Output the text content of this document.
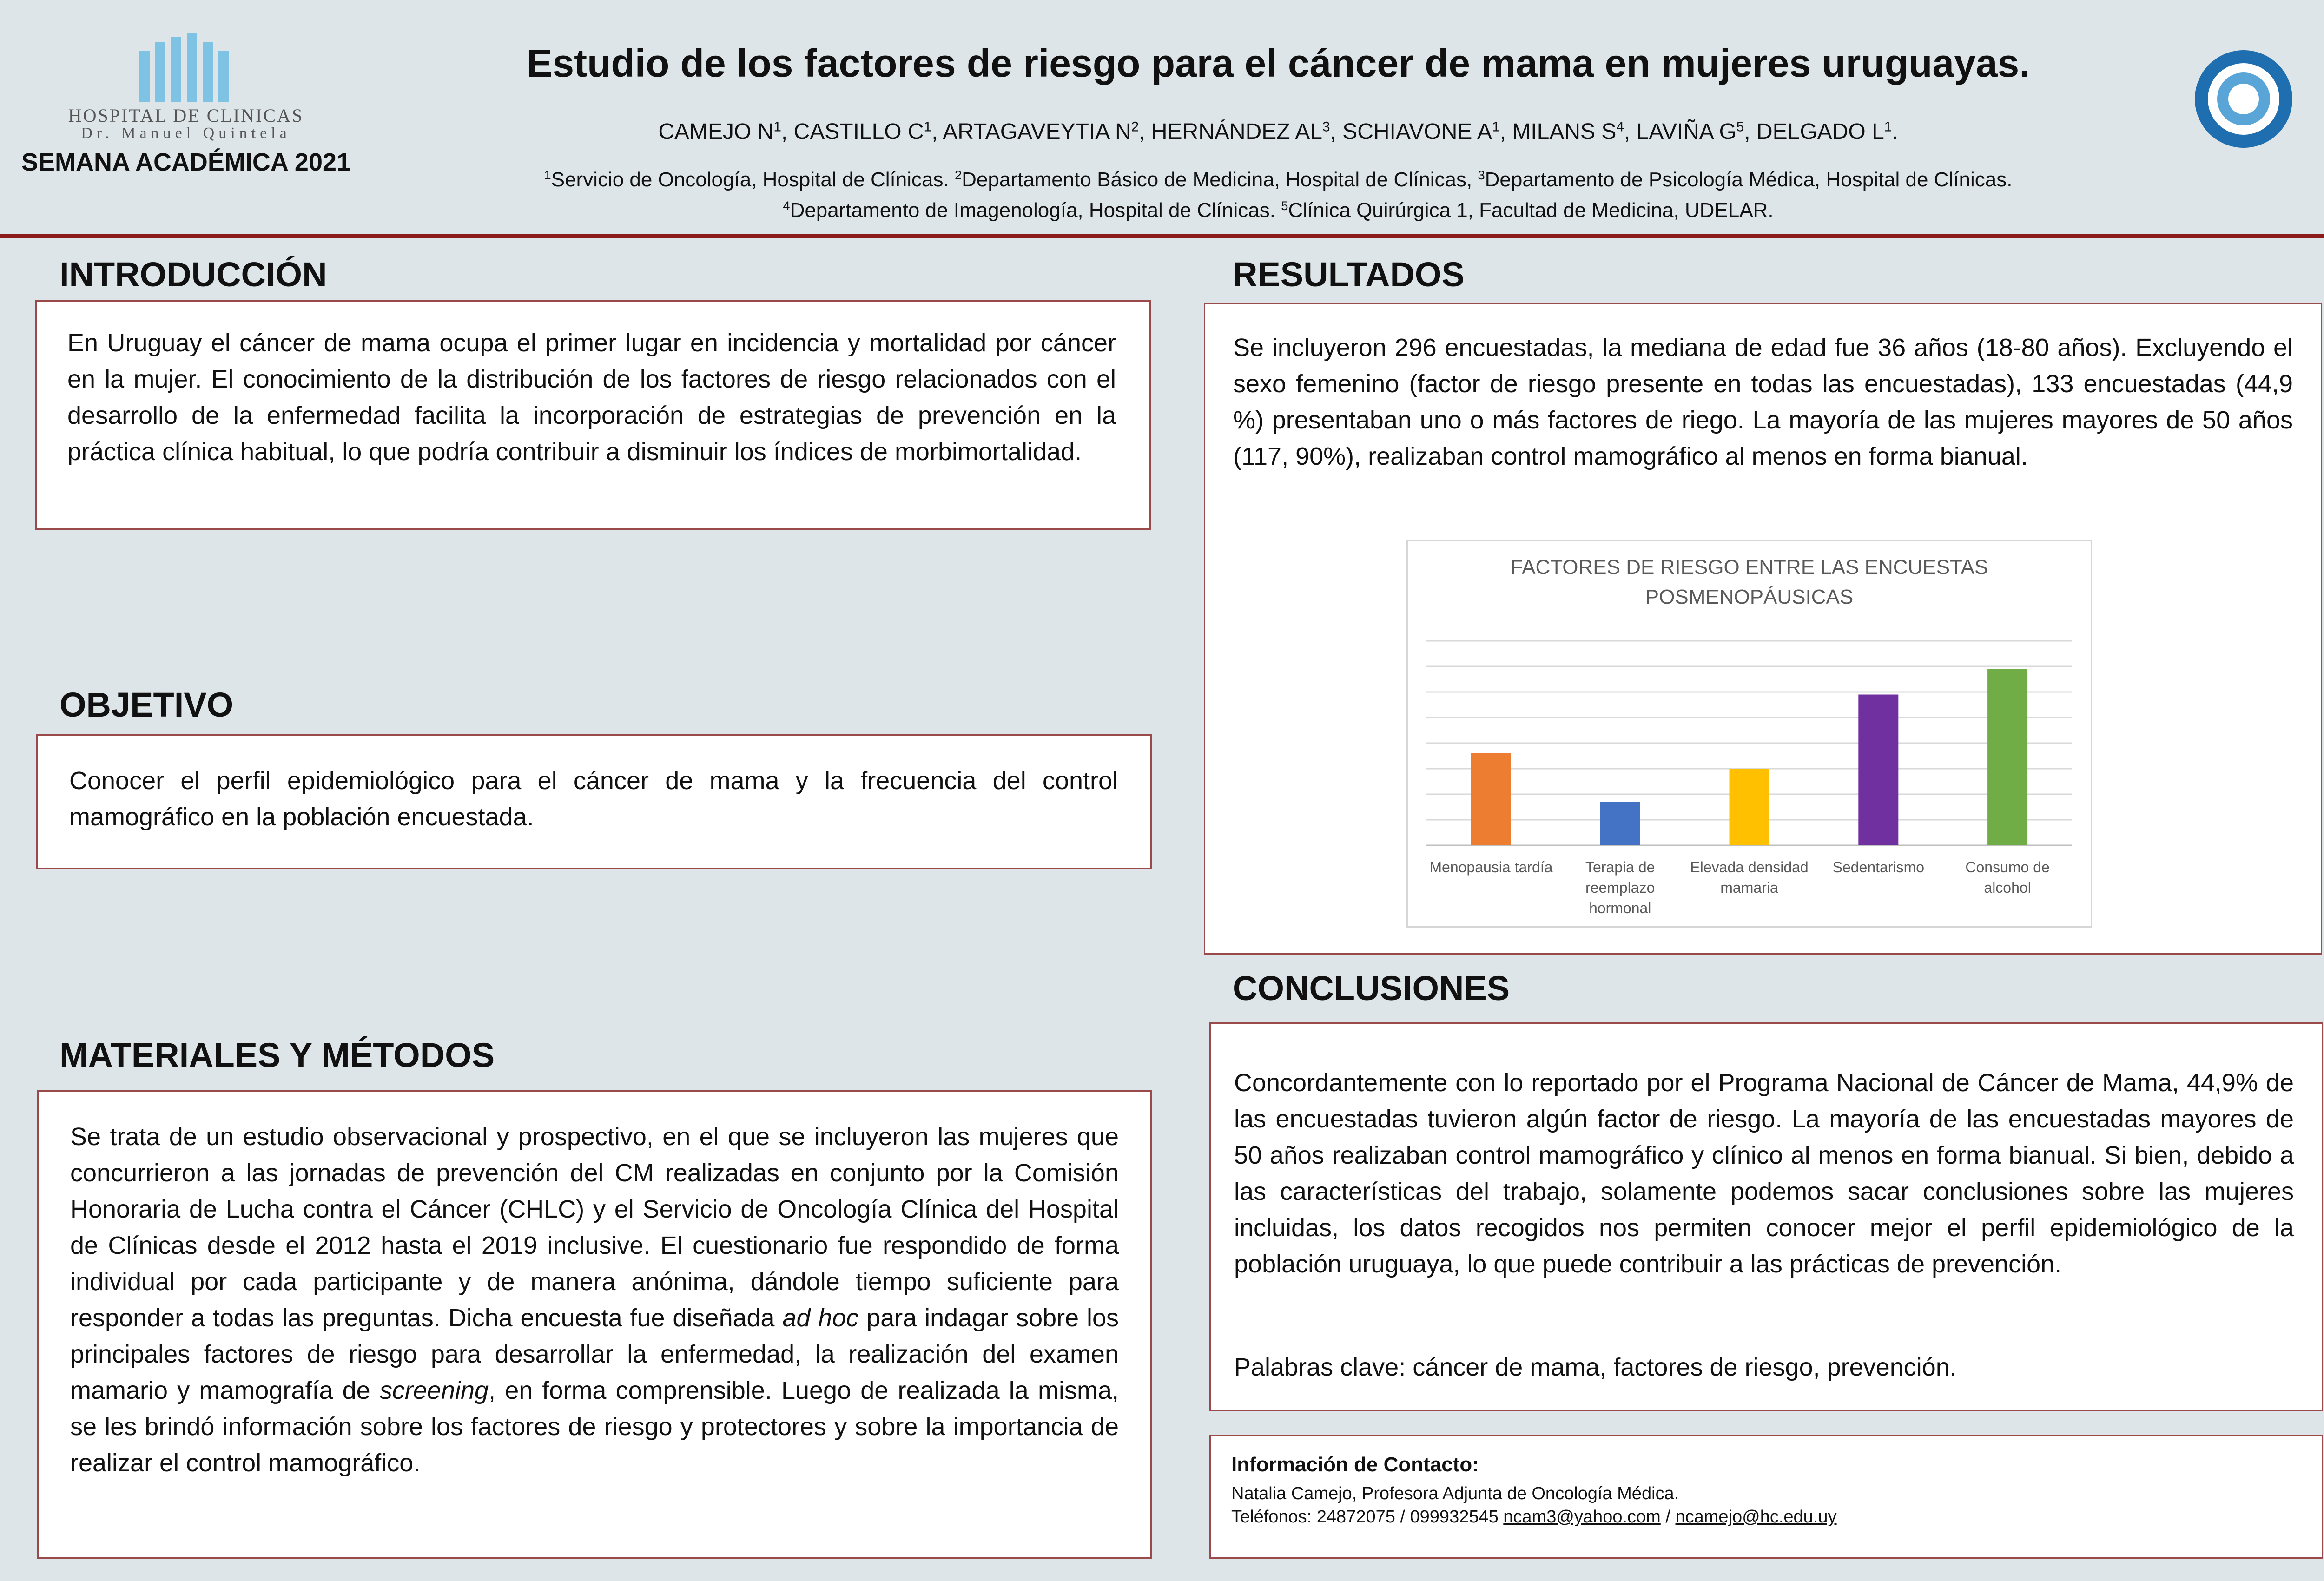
HOSPITAL DE CLINICAS
Dr. Manuel Quintela
SEMANA ACADÉMICA 2021
Estudio de los factores de riesgo para el cáncer de mama en mujeres uruguayas.
CAMEJO $N^1$, CASTILLO $C^1$, ARTAGAVEYTIA $N^2$, HERNÁNDEZ $AL^3$, SCHIAVONE $A^1$, MILANS $S^4$, LAVIÑA $G^5$, DELGADO $L^1$.
$^1$Servicio de Oncología, Hospital de Clínicas. $^2$Departamento Básico de Medicina, Hospital de Clínicas, $^3$Departamento de Psicología Médica, Hospital de Clínicas.
$^4$Departamento de Imagenología, Hospital de Clínicas. $^5$Clínica Quirúrgica 1, Facultad de Medicina, UDELAR.
INTRODUCCIÓN
En Uruguay el cáncer de mama ocupa el primer lugar en incidencia y mortalidad por cáncer en la mujer. El conocimiento de la distribución de los factores de riesgo relacionados con el desarrollo de la enfermedad facilita la incorporación de estrategias de prevención en la práctica clínica habitual, lo que podría contribuir a disminuir los índices de morbimortalidad.
OBJETIVO
Conocer el perfil epidemiológico para el cáncer de mama y la frecuencia del control mamográfico en la población encuestada.
MATERIALES Y MÉTODOS
Se trata de un estudio observacional y prospectivo, en el que se incluyeron las mujeres que concurrieron a las jornadas de prevención del CM realizadas en conjunto por la Comisión Honoraria de Lucha contra el Cáncer (CHLC) y el Servicio de Oncología Clínica del Hospital de Clínicas desde el 2012 hasta el 2019 inclusive. El cuestionario fue respondido de forma individual por cada participante y de manera anónima, dándole tiempo suficiente para responder a todas las preguntas. Dicha encuesta fue diseñada ad hoc para indagar sobre los principales factores de riesgo para desarrollar la enfermedad, la realización del examen mamario y mamografía de screening, en forma comprensible. Luego de realizada la misma, se les brindó información sobre los factores de riesgo y protectores y sobre la importancia de realizar el control mamográfico.
RESULTADOS
Se incluyeron 296 encuestadas, la mediana de edad fue 36 años (18-80 años). Excluyendo el sexo femenino (factor de riesgo presente en todas las encuestadas), 133 encuestadas (44,9 %) presentaban uno o más factores de riego. La mayoría de las mujeres mayores de 50 años (117, 90%), realizaban control mamográfico al menos en forma bianual.
FACTORES DE RIESGO ENTRE LAS ENCUESTAS
POSMENOPÁUSICAS
Menopausia tardía Terapia de
reemplazo
hormonal
Elevada densidad
mamaria
Sedentarismo	Consumo de
alcohol
CONCLUSIONES
Concordantemente con lo reportado por el Programa Nacional de Cáncer de Mama, 44,9% de las encuestadas tuvieron algún factor de riesgo. La mayoría de las encuestadas mayores de 50 años realizaban control mamográfico y clínico al menos en forma bianual. Si bien, debido a las características del trabajo, solamente podemos sacar conclusiones sobre las mujeres incluidas, los datos recogidos nos permiten conocer mejor el perfil epidemiológico de la población uruguaya, lo que puede contribuir a las prácticas de prevención.
Palabras clave: cáncer de mama, factores de riesgo, prevención.
Información de Contacto:
Natalia Camejo, Profesora Adjunta de Oncología Médica.
Teléfonos: 24872075 / 099932545 ncam3@yahoo.com / ncamejo@hc.edu.uy
